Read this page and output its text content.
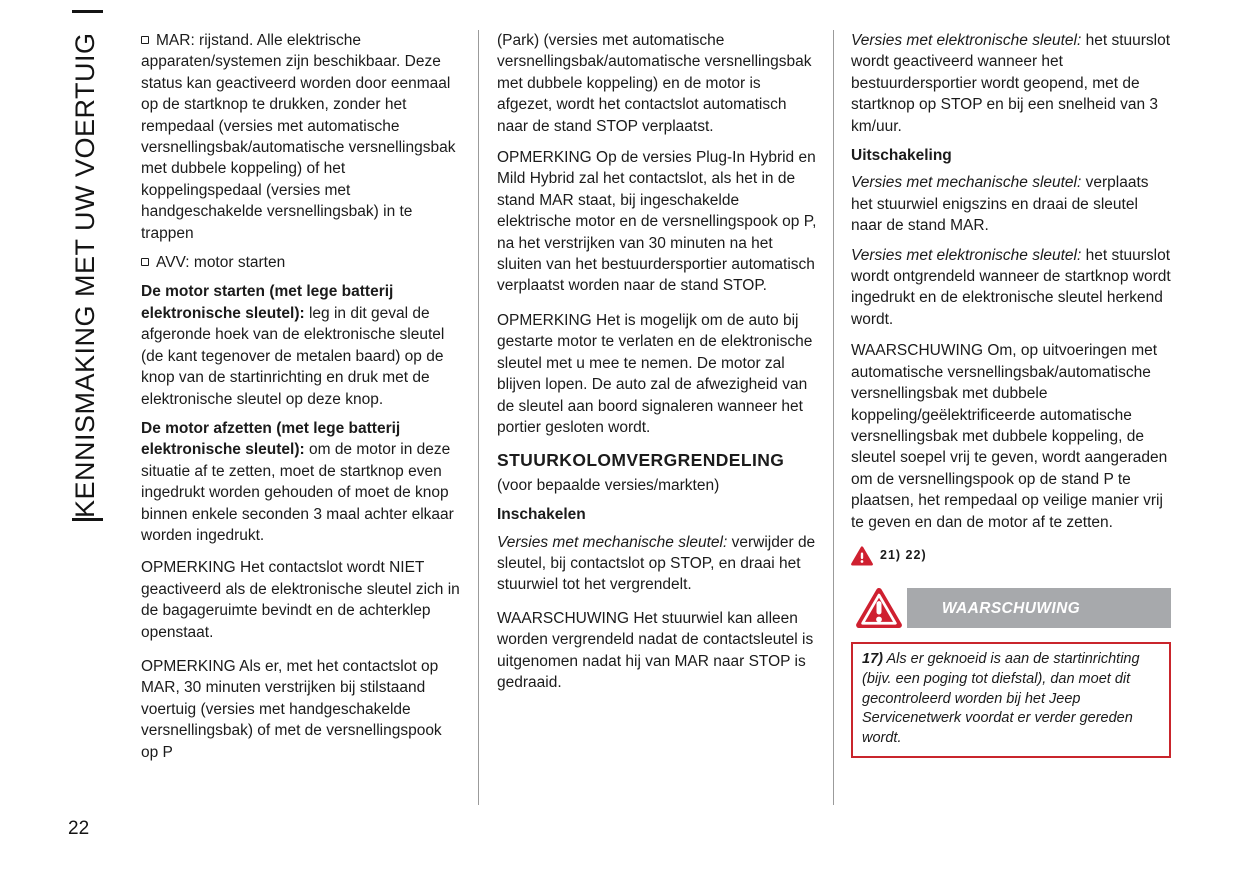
KENNISMAKING MET UW VOERTUIG	MAR: rijstand. Alle elektrische apparaten/systemen zijn beschikbaar. Deze status kan geactiveerd worden door eenmaal op de startknop te drukken, zonder het rempedaal (versies met automatische versnellingsbak/automatische versnellingsbak met dubbele koppeling) of het koppelingspedaal (versies met handgeschakelde versnellingsbak) in te trappen

AVV: motor starten

De motor starten (met lege batterij elektronische sleutel): leg in dit geval de afgeronde hoek van de elektronische sleutel (de kant tegenover de metalen baard) op de knop van de startinrichting en druk met de elektronische sleutel op deze knop.

De motor afzetten (met lege batterij elektronische sleutel): om de motor in deze situatie af te zetten, moet de startknop even ingedrukt worden gehouden of moet de knop binnen enkele seconden 3 maal achter elkaar worden ingedrukt.

OPMERKING Het contactslot wordt NIET geactiveerd als de elektronische sleutel zich in de bagageruimte bevindt en de achterklep openstaat.

OPMERKING Als er, met het contactslot op MAR, 30 minuten verstrijken bij stilstaand voertuig (versies met handgeschakelde versnellingsbak) of met de versnellingspook op P

(Park) (versies met automatische versnellingsbak/automatische versnellingsbak met dubbele koppeling) en de motor is afgezet, wordt het contactslot automatisch naar de stand STOP verplaatst.

OPMERKING Op de versies Plug-In Hybrid en Mild Hybrid zal het contactslot, als het in de stand MAR staat, bij ingeschakelde elektrische motor en de versnellingspook op P, na het verstrijken van 30 minuten na het sluiten van het bestuurdersportier automatisch verplaatst worden naar de stand STOP.

OPMERKING Het is mogelijk om de auto bij gestarte motor te verlaten en de elektronische sleutel met u mee te nemen. De motor zal blijven lopen. De auto zal de afwezigheid van de sleutel aan boord signaleren wanneer het portier gesloten wordt.

STUURKOLOMVERGRENDELING

(voor bepaalde versies/markten)

Inschakelen

Versies met mechanische sleutel: verwijder de sleutel, bij contactslot op STOP, en draai het stuurwiel tot het vergrendelt.

WAARSCHUWING Het stuurwiel kan alleen worden vergrendeld nadat de contactsleutel is uitgenomen nadat hij van MAR naar STOP is gedraaid.

Versies met elektronische sleutel: het stuurslot wordt geactiveerd wanneer het bestuurdersportier wordt geopend, met de startknop op STOP en bij een snelheid van 3 km/uur.

Uitschakeling

Versies met mechanische sleutel: verplaats het stuurwiel enigszins en draai de sleutel naar de stand MAR.

Versies met elektronische sleutel: het stuurslot wordt ontgrendeld wanneer de startknop wordt ingedrukt en de elektronische sleutel herkend wordt.

WAARSCHUWING Om, op uitvoeringen met automatische versnellingsbak/automatische versnellingsbak met dubbele koppeling/geëlektrificeerde automatische versnellingsbak met dubbele koppeling, de sleutel soepel vrij te geven, wordt aangeraden om de versnellingspook op de stand P te plaatsen, het rempedaal op veilige manier vrij te geven en dan de motor af te zetten.

21) 22)
WAARSCHUWING
17) Als er geknoeid is aan de startinrichting (bijv. een poging tot diefstal), dan moet dit gecontroleerd worden bij het Jeep Servicenetwerk voordat er verder gereden wordt.
22
